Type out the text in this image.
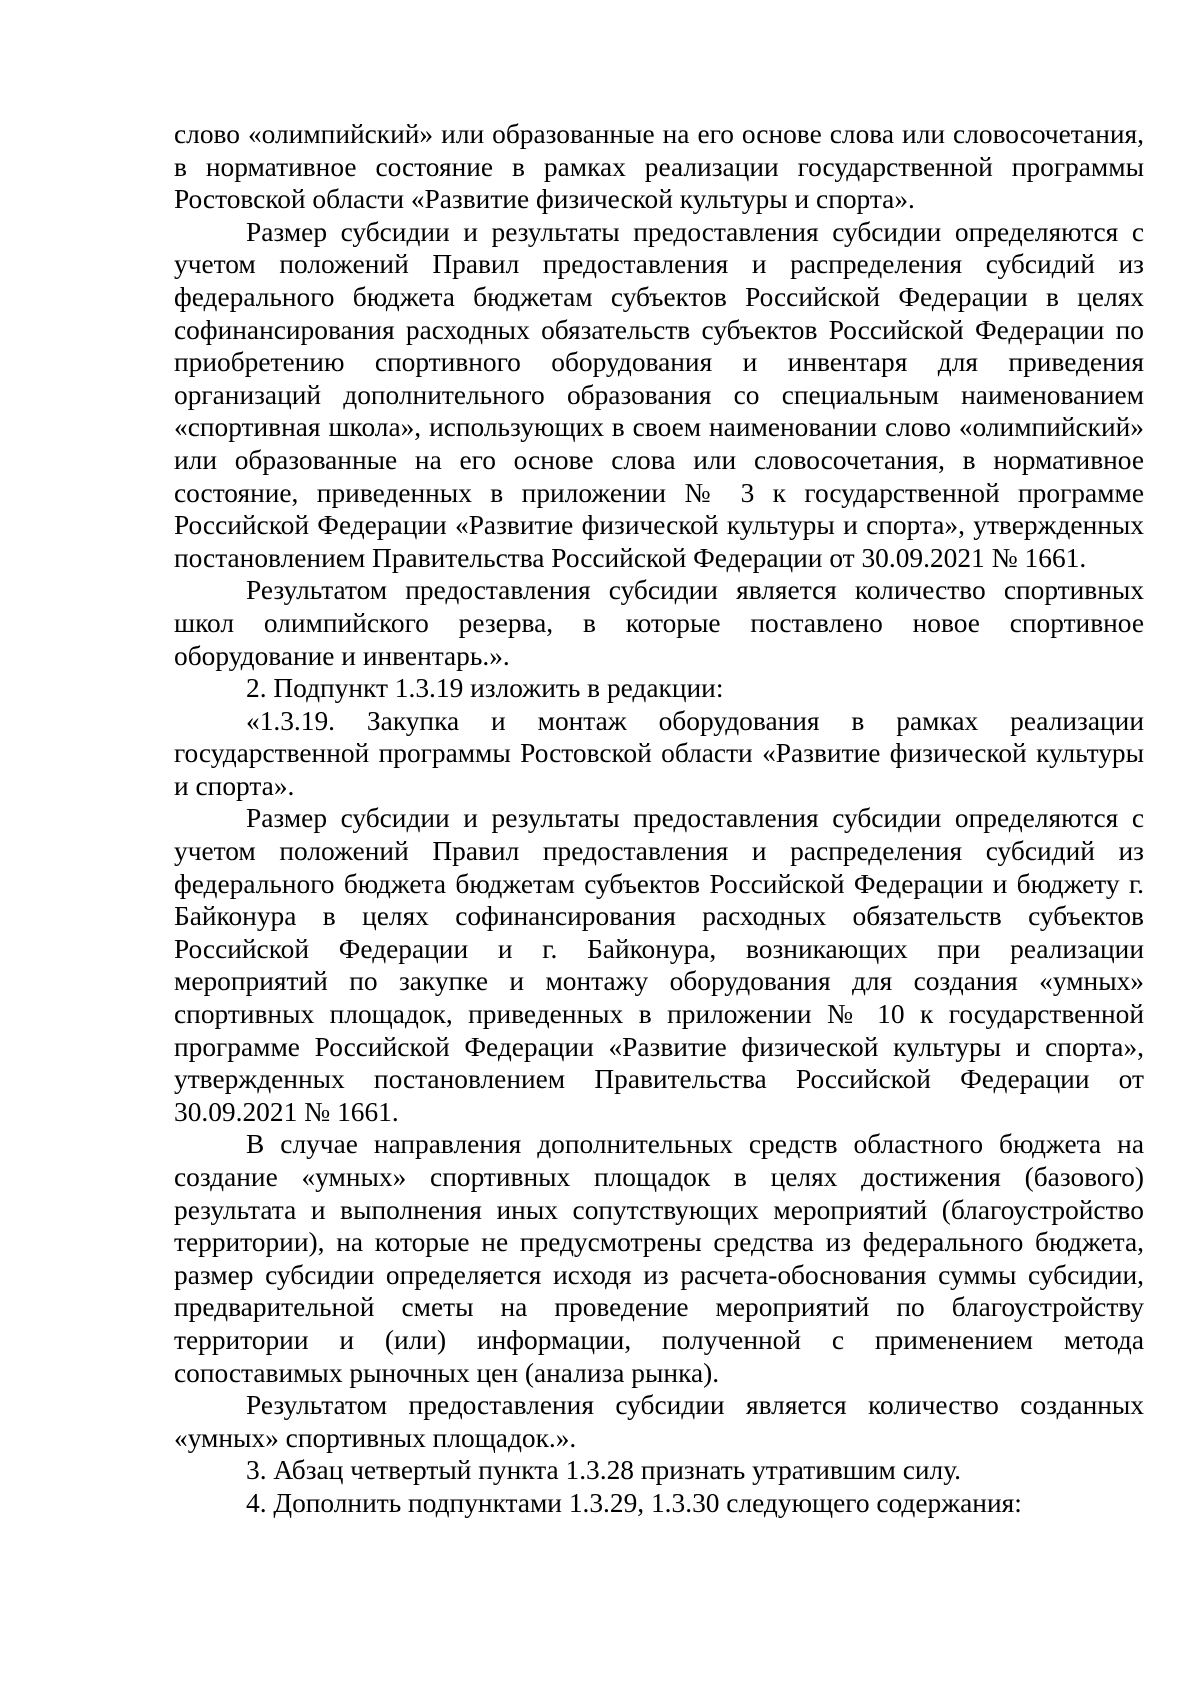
слово «олимпийский» или образованные на его основе слова или словосочетания, в нормативное состояние в рамках реализации государственной программы Ростовской области «Развитие физической культуры и спорта».

Размер субсидии и результаты предоставления субсидии определяются с учетом положений Правил предоставления и распределения субсидий из федерального бюджета бюджетам субъектов Российской Федерации в целях софинансирования расходных обязательств субъектов Российской Федерации по приобретению спортивного оборудования и инвентаря для приведения организаций дополнительного образования со специальным наименованием «спортивная школа», использующих в своем наименовании слово «олимпийский» или образованные на его основе слова или словосочетания, в нормативное состояние, приведенных в приложении № 3 к государственной программе Российской Федерации «Развитие физической культуры и спорта», утвержденных постановлением Правительства Российской Федерации от 30.09.2021 № 1661.

Результатом предоставления субсидии является количество спортивных школ олимпийского резерва, в которые поставлено новое спортивное оборудование и инвентарь.».

2. Подпункт 1.3.19 изложить в редакции:

«1.3.19. Закупка и монтаж оборудования в рамках реализации государственной программы Ростовской области «Развитие физической культуры и спорта».

Размер субсидии и результаты предоставления субсидии определяются с учетом положений Правил предоставления и распределения субсидий из федерального бюджета бюджетам субъектов Российской Федерации и бюджету г. Байконура в целях софинансирования расходных обязательств субъектов Российской Федерации и г. Байконура, возникающих при реализации мероприятий по закупке и монтажу оборудования для создания «умных» спортивных площадок, приведенных в приложении № 10 к государственной программе Российской Федерации «Развитие физической культуры и спорта», утвержденных постановлением Правительства Российской Федерации от 30.09.2021 № 1661.

В случае направления дополнительных средств областного бюджета на создание «умных» спортивных площадок в целях достижения (базового) результата и выполнения иных сопутствующих мероприятий (благоустройство территории), на которые не предусмотрены средства из федерального бюджета, размер субсидии определяется исходя из расчета-обоснования суммы субсидии, предварительной сметы на проведение мероприятий по благоустройству территории и (или) информации, полученной с применением метода сопоставимых рыночных цен (анализа рынка).

Результатом предоставления субсидии является количество созданных «умных» спортивных площадок.».

3. Абзац четвертый пункта 1.3.28 признать утратившим силу.

4. Дополнить подпунктами 1.3.29, 1.3.30 следующего содержания:
